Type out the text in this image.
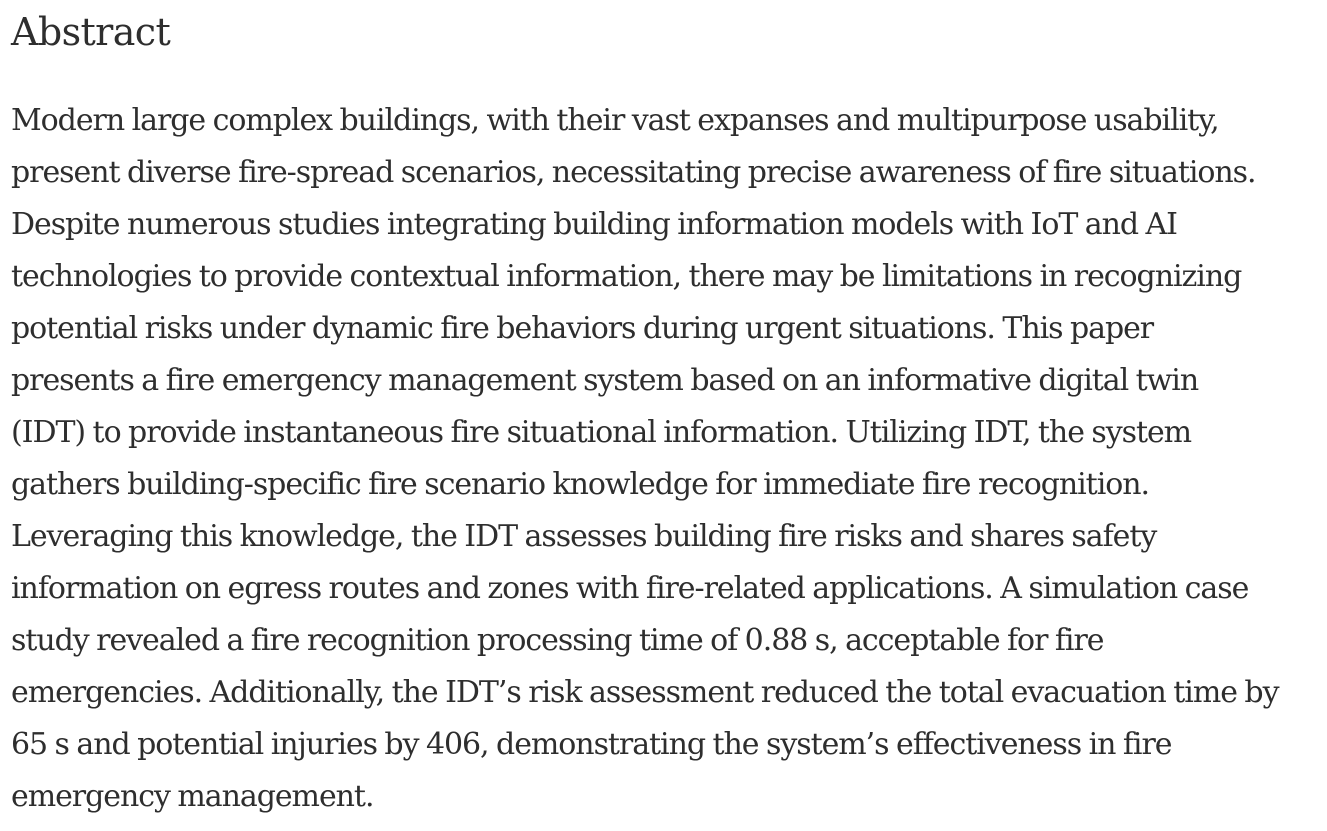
Abstract

Modern large complex buildings, with their vast expanses and multipurpose usability,
present diverse fire-spread scenarios, necessitating precise awareness of fire situations.
Despite numerous studies integrating building information models with IoT and AI
technologies to provide contextual information, there may be limitations in recognizing
potential risks under dynamic fire behaviors during urgent situations. This paper
presents a fire emergency management system based on an informative digital twin
(IDT) to provide instantaneous fire situational information. Utilizing IDT, the system
gathers building-specific fire scenario knowledge for immediate fire recognition.
Leveraging this knowledge, the IDT assesses building fire risks and shares safety
information on egress routes and zones with fire-related applications. A simulation case
study revealed a fire recognition processing time of 0.88 s, acceptable for fire
emergencies. Additionally, the IDT’s risk assessment reduced the total evacuation time by
65 s and potential injuries by 406, demonstrating the system’s effectiveness in fire
emergency management.
